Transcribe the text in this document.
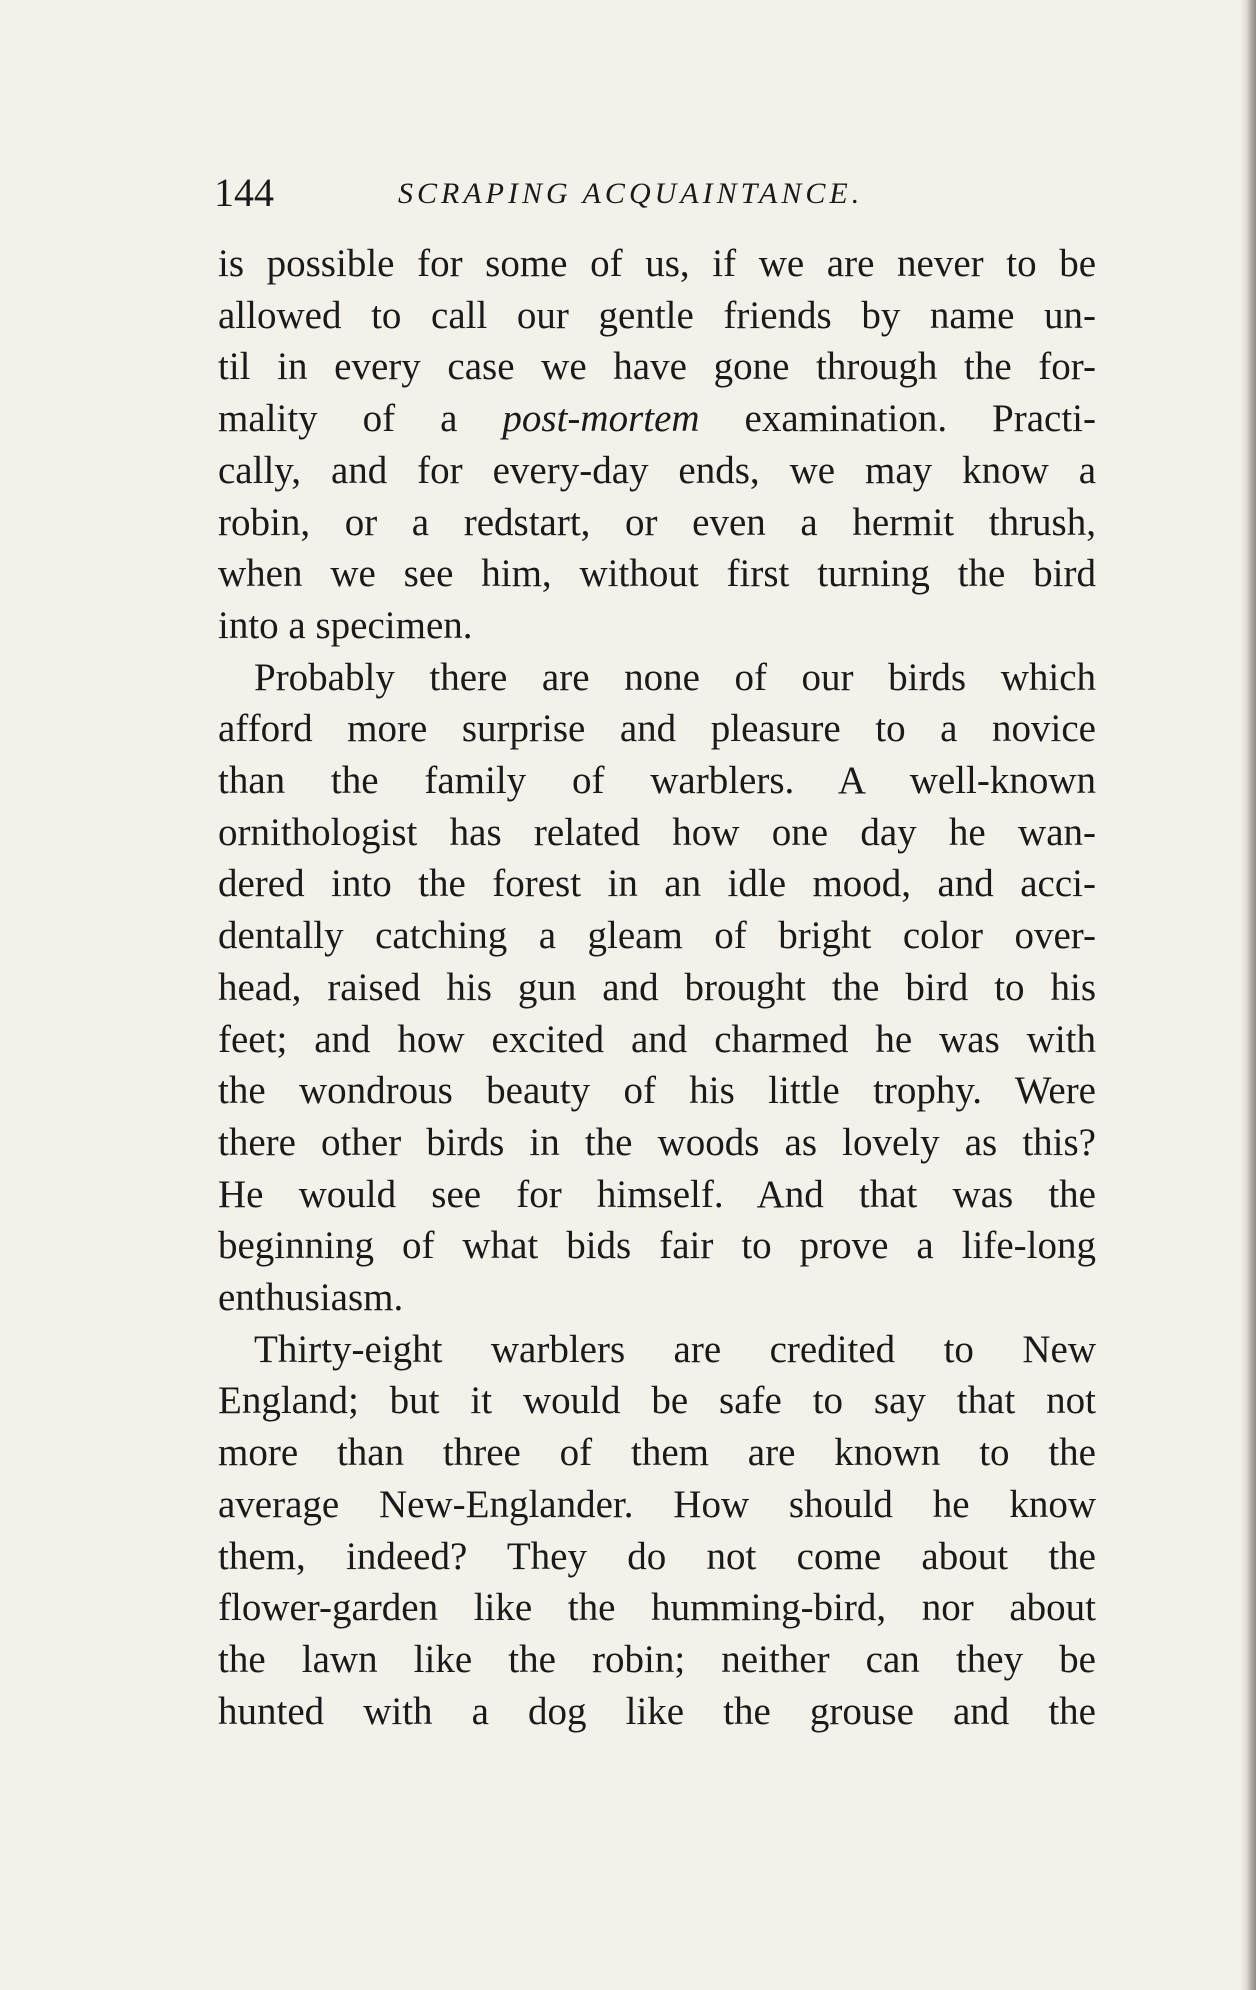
144	SCRAPING ACQUAINTANCE.

is possible for some of us, if we are never to be
allowed to call our gentle friends by name un-
til in every case we have gone through the for-
mality of a post-mortem examination. Practi-
cally, and for every-day ends, we may know a
robin, or a redstart, or even a hermit thrush,
when we see him, without first turning the bird
into a specimen.

Probably there are none of our birds which
afford more surprise and pleasure to a novice
than the family of warblers. A well-known
ornithologist has related how one day he wan-
dered into the forest in an idle mood, and acci-
dentally catching a gleam of bright color over-
head, raised his gun and brought the bird to his
feet; and how excited and charmed he was with
the wondrous beauty of his little trophy. Were
there other birds in the woods as lovely as this?
He would see for himself. And that was the
beginning of what bids fair to prove a life-long
enthusiasm.

Thirty-eight warblers are credited to New
England; but it would be safe to say that not
more than three of them are known to the
average New-Englander. How should he know
them, indeed? They do not come about the
flower-garden like the humming-bird, nor about
the lawn like the robin; neither can they be
hunted with a dog like the grouse and the
